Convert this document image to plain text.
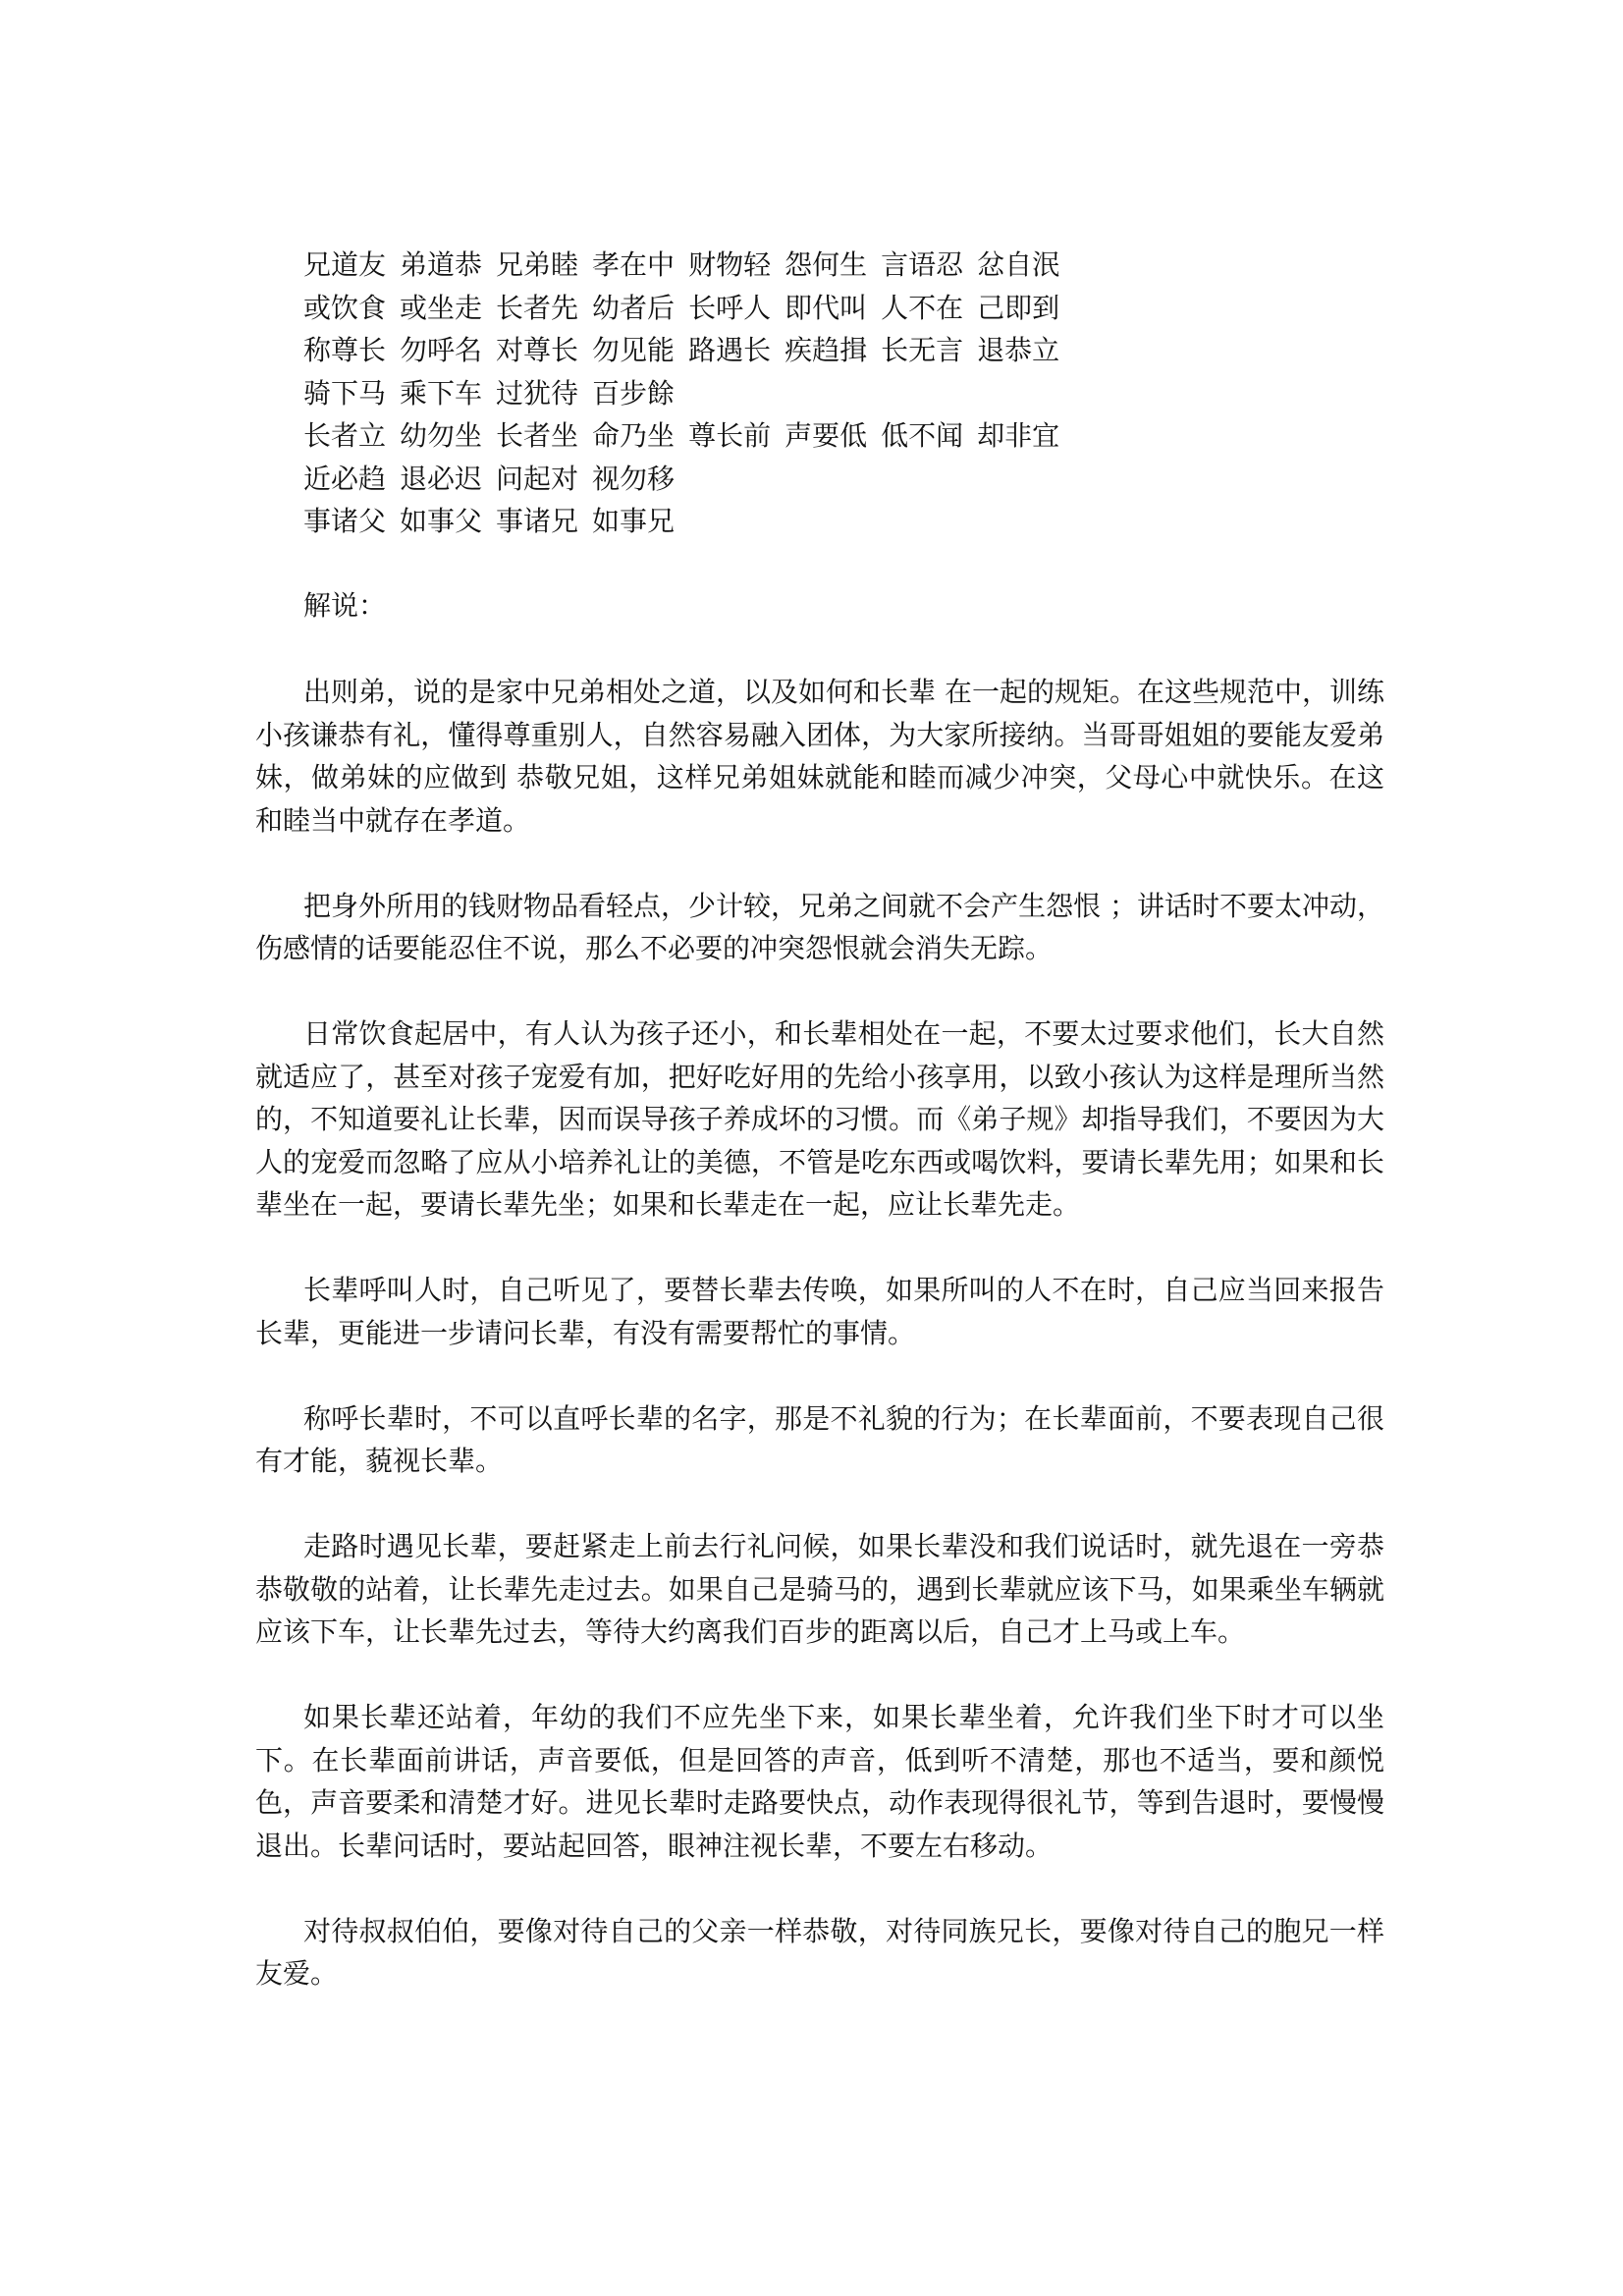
兄道友 弟道恭 兄弟睦 孝在中 财物轻 怨何生 言语忍 忿自泯
或饮食 或坐走 长者先 幼者后 长呼人 即代叫 人不在 己即到
称尊长 勿呼名 对尊长 勿见能 路遇长 疾趋揖 长无言 退恭立
骑下马 乘下车 过犹待 百步餘
长者立 幼勿坐 长者坐 命乃坐 尊长前 声要低 低不闻 却非宜
近必趋 退必迟 问起对 视勿移
事诸父 如事父 事诸兄 如事兄
解说：

出则弟，说的是家中兄弟相处之道，以及如何和长辈 在一起的规矩。在这些规范中，训练小孩谦恭有礼，懂得尊重别人，自然容易融入团体，为大家所接纳。当哥哥姐姐的要能友爱弟妹，做弟妹的应做到 恭敬兄姐，这样兄弟姐妹就能和睦而减少冲突，父母心中就快乐。在这和睦当中就存在孝道。

把身外所用的钱财物品看轻点，少计较，兄弟之间就不会产生怨恨 ；讲话时不要太冲动，伤感情的话要能忍住不说，那么不必要的冲突怨恨就会消失无踪。

日常饮食起居中，有人认为孩子还小，和长辈相处在一起，不要太过要求他们，长大自然就适应了，甚至对孩子宠爱有加，把好吃好用的先给小孩享用，以致小孩认为这样是理所当然的，不知道要礼让长辈，因而误导孩子养成坏的习惯。而《弟子规》却指导我们，不要因为大人的宠爱而忽略了应从小培养礼让的美德，不管是吃东西或喝饮料，要请长辈先用；如果和长辈坐在一起，要请长辈先坐；如果和长辈走在一起，应让长辈先走。

长辈呼叫人时，自己听见了，要替长辈去传唤，如果所叫的人不在时，自己应当回来报告长辈，更能进一步请问长辈，有没有需要帮忙的事情。

称呼长辈时，不可以直呼长辈的名字，那是不礼貌的行为；在长辈面前，不要表现自己很有才能，藐视长辈。

走路时遇见长辈，要赶紧走上前去行礼问候，如果长辈没和我们说话时，就先退在一旁恭恭敬敬的站着，让长辈先走过去。如果自己是骑马的，遇到长辈就应该下马，如果乘坐车辆就应该下车，让长辈先过去，等待大约离我们百步的距离以后，自己才上马或上车。

如果长辈还站着，年幼的我们不应先坐下来，如果长辈坐着，允许我们坐下时才可以坐下。在长辈面前讲话，声音要低，但是回答的声音，低到听不清楚，那也不适当，要和颜悦色，声音要柔和清楚才好。进见长辈时走路要快点，动作表现得很礼节，等到告退时，要慢慢退出。长辈问话时，要站起回答，眼神注视长辈，不要左右移动。

对待叔叔伯伯，要像对待自己的父亲一样恭敬，对待同族兄长，要像对待自己的胞兄一样友爱。
